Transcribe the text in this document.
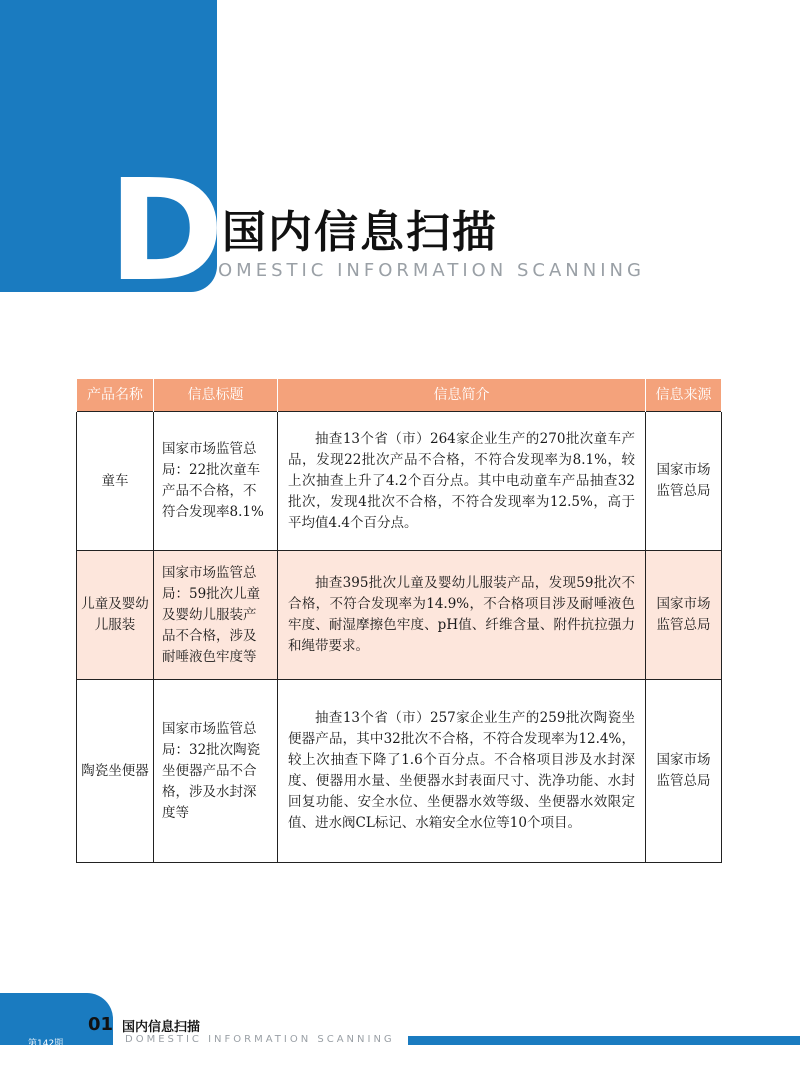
D
国内信息扫描
OMESTIC INFORMATION SCANNING
产品名称	信息标题	信息简介	信息来源
童车	国家市场监管总局：22批次童车产品不合格，不符合发现率8.1%	抽查13个省（市）264家企业生产的270批次童车产品，发现22批次产品不合格，不符合发现率为8.1%，较上次抽查上升了4.2个百分点。其中电动童车产品抽查32批次，发现4批次不合格，不符合发现率为12.5%，高于平均值4.4个百分点。	国家市场监管总局
儿童及婴幼儿服装	国家市场监管总局：59批次儿童及婴幼儿服装产品不合格，涉及耐唾液色牢度等	抽查395批次儿童及婴幼儿服装产品，发现59批次不合格，不符合发现率为14.9%，不合格项目涉及耐唾液色牢度、耐湿摩擦色牢度、pH值、纤维含量、附件抗拉强力和绳带要求。	国家市场监管总局
陶瓷坐便器	国家市场监管总局：32批次陶瓷坐便器产品不合格，涉及水封深度等	抽查13个省（市）257家企业生产的259批次陶瓷坐便器产品，其中32批次不合格，不符合发现率为12.4%，较上次抽查下降了1.6个百分点。不合格项目涉及水封深度、便器用水量、坐便器水封表面尺寸、洗净功能、水封回复功能、安全水位、坐便器水效等级、坐便器水效限定值、进水阀CL标记、水箱安全水位等10个项目。	国家市场监管总局
01
第142期
国内信息扫描
DOMESTIC INFORMATION SCANNING
